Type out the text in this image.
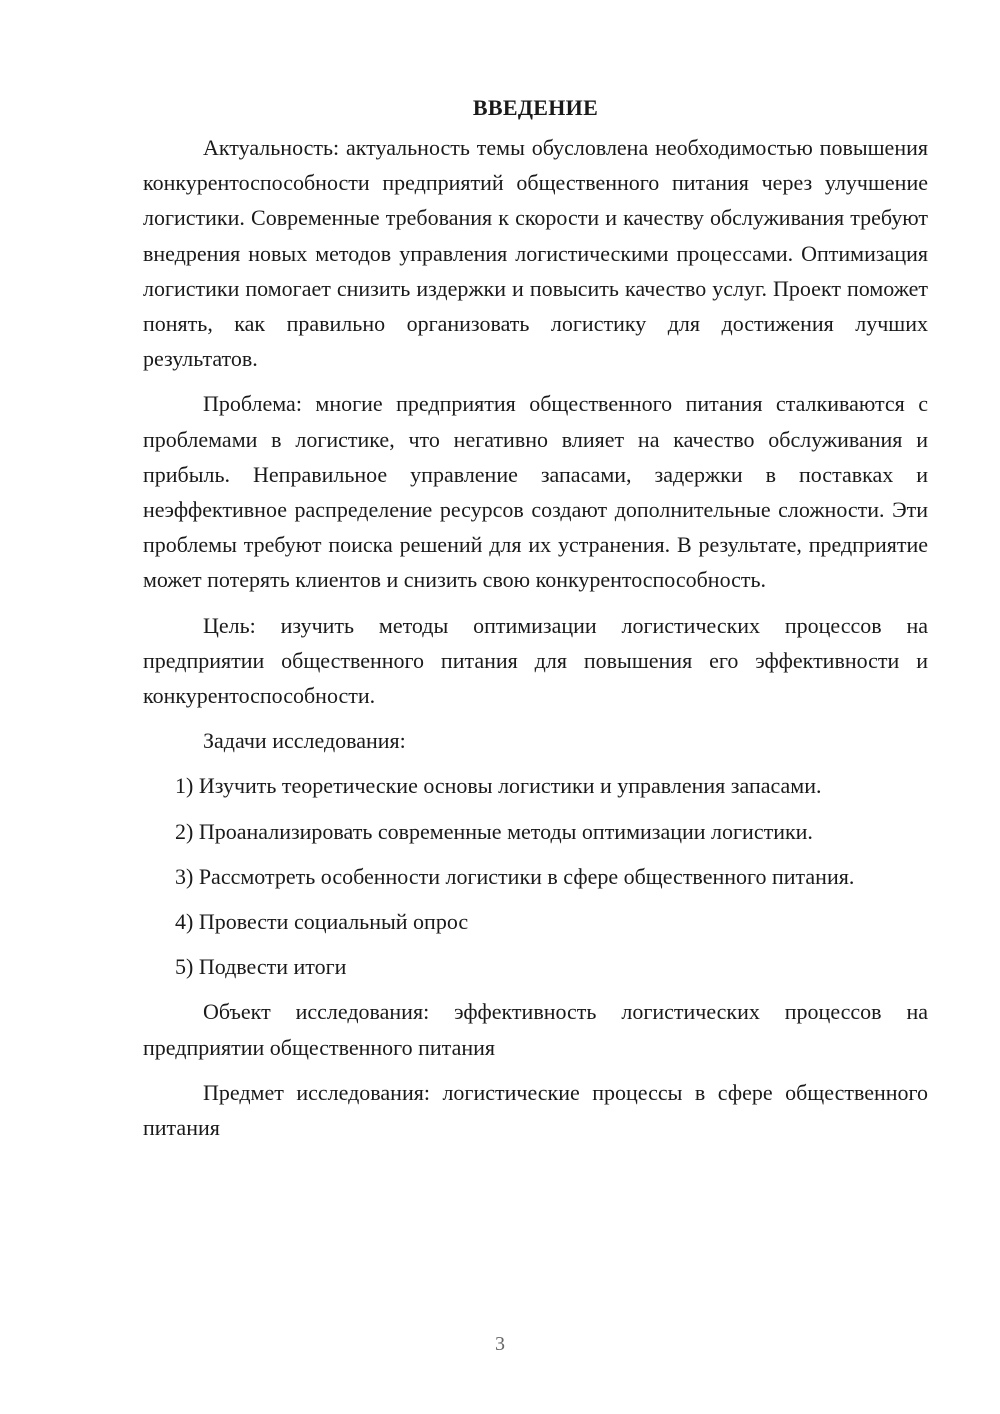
ВВЕДЕНИЕ

Актуальность: актуальность темы обусловлена необходимостью повышения конкурентоспособности предприятий общественного питания через улучшение логистики. Современные требования к скорости и качеству обслуживания требуют внедрения новых методов управления логистическими процессами. Оптимизация логистики помогает снизить издержки и повысить качество услуг. Проект поможет понять, как правильно организовать логистику для достижения лучших результатов.

Проблема: многие предприятия общественного питания сталкиваются с проблемами в логистике, что негативно влияет на качество обслуживания и прибыль. Неправильное управление запасами, задержки в поставках и неэффективное распределение ресурсов создают дополнительные сложности. Эти проблемы требуют поиска решений для их устранения. В результате, предприятие может потерять клиентов и снизить свою конкурентоспособность.

Цель: изучить методы оптимизации логистических процессов на предприятии общественного питания для повышения его эффективности и конкурентоспособности.

Задачи исследования:

1) Изучить теоретические основы логистики и управления запасами.

2) Проанализировать современные методы оптимизации логистики.

3) Рассмотреть особенности логистики в сфере общественного питания.

4) Провести социальный опрос

5) Подвести итоги

Объект исследования: эффективность логистических процессов на предприятии общественного питания

Предмет исследования: логистические процессы в сфере общественного питания

3
